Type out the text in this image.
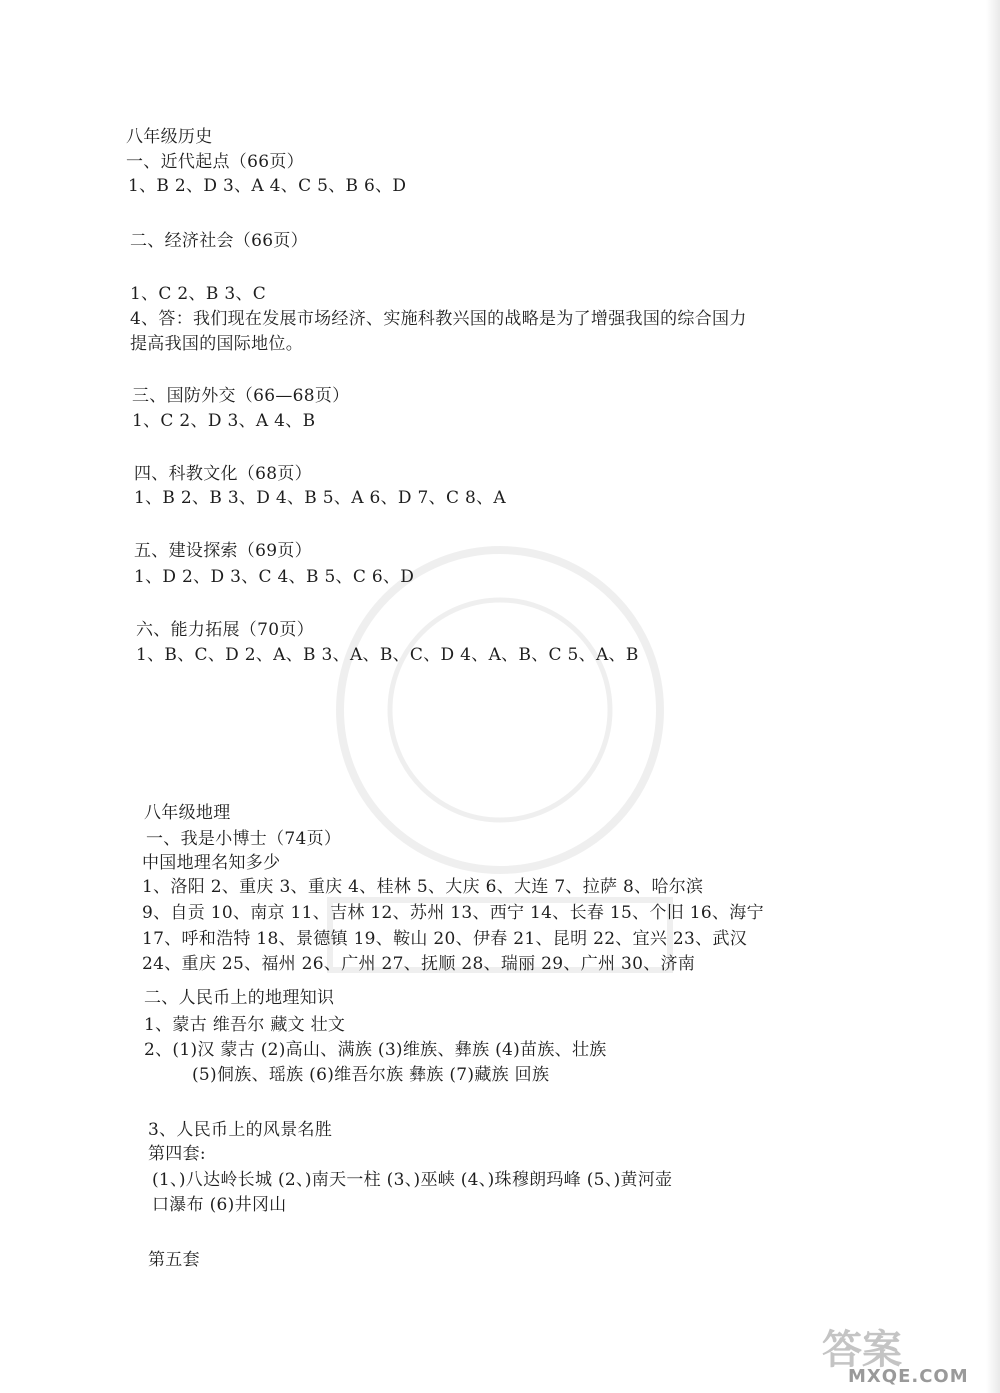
八年级历史
一、近代起点（66页）
1、B 2、D 3、A 4、C 5、B 6、D
二、经济社会（66页）
1、C 2、B 3、C
4、答：我们现在发展市场经济、实施科教兴国的战略是为了增强我国的综合国力
提高我国的国际地位。
三、国防外交（66—68页）
1、C 2、D 3、A 4、B
四、科教文化（68页）
1、B 2、B 3、D 4、B 5、A 6、D 7、C 8、A
五、建设探索（69页）
1、D 2、D 3、C 4、B 5、C 6、D
六、能力拓展（70页）
1、B、C、D 2、A、B 3、A、B、C、D 4、A、B、C 5、A、B
八年级地理
一、我是小博士（74页）
中国地理名知多少
1、洛阳 2、重庆 3、重庆 4、桂林 5、大庆 6、大连 7、拉萨 8、哈尔滨
9、自贡 10、南京 11、吉林 12、苏州 13、西宁 14、长春 15、个旧 16、海宁
17、呼和浩特 18、景德镇 19、鞍山 20、伊春 21、昆明 22、宜兴 23、武汉
24、重庆 25、福州 26、广州 27、抚顺 28、瑞丽 29、广州 30、济南
二、人民币上的地理知识
1、蒙古 维吾尔 藏文 壮文
2、(1)汉 蒙古 (2)高山、满族 (3)维族、彝族 (4)苗族、壮族
(5)侗族、瑶族 (6)维吾尔族 彝族 (7)藏族 回族
3、人民币上的风景名胜
第四套:
(1、)八达岭长城 (2、)南天一柱 (3、)巫峡 (4、)珠穆朗玛峰 (5、)黄河壶
口瀑布 (6)井冈山
第五套
答案
MXQE.COM
